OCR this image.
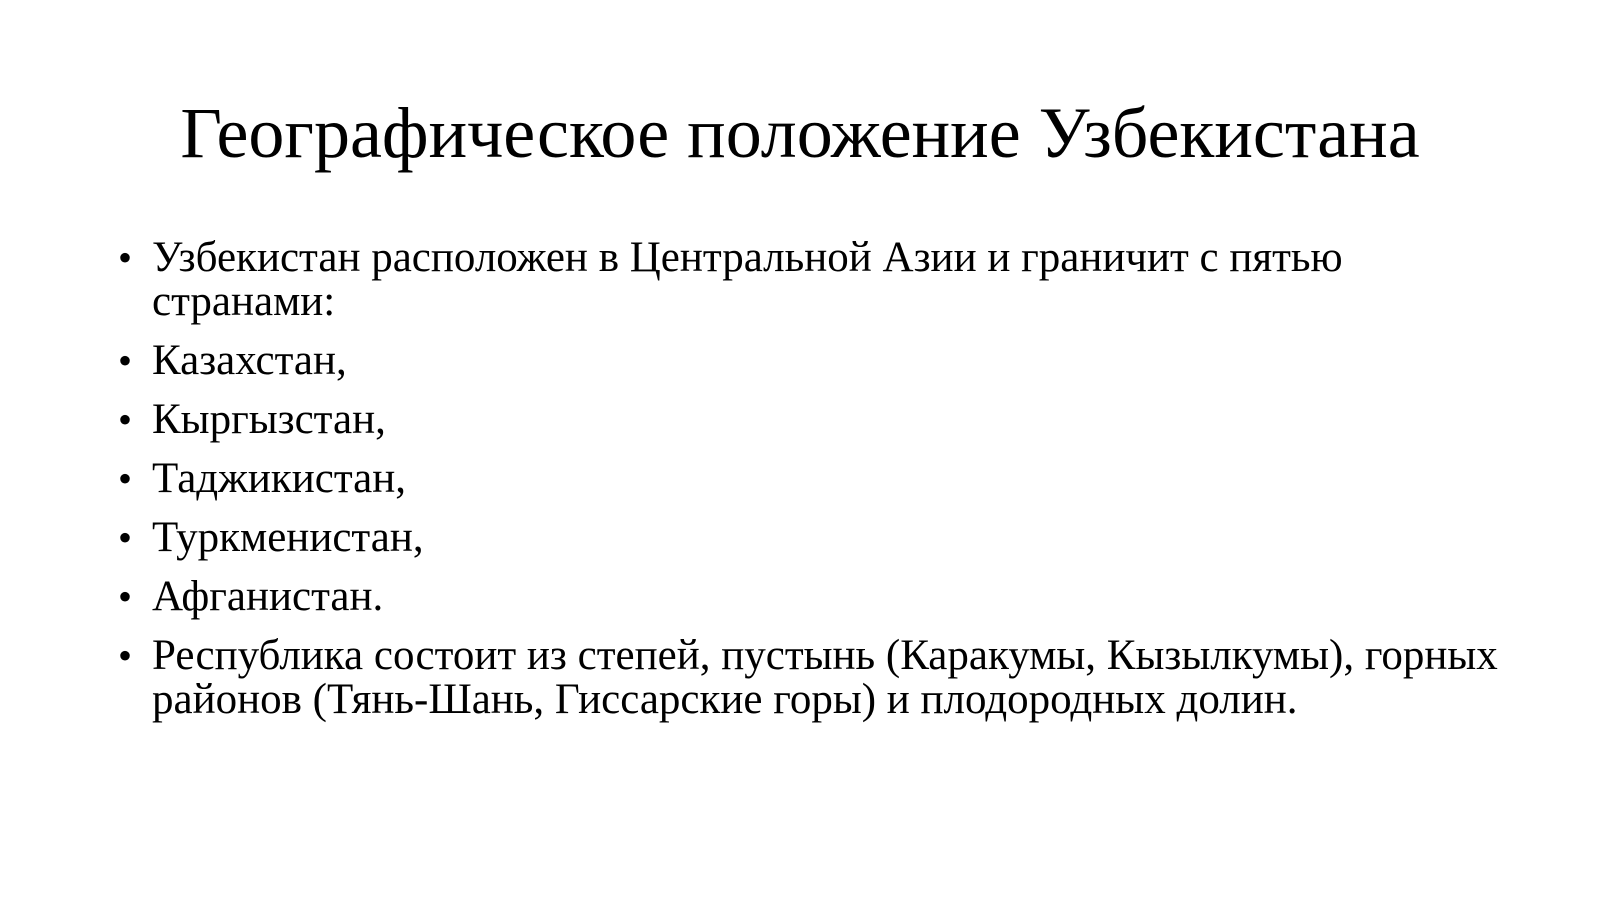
Географическое положение Узбекистана
• Узбекистан расположен в Центральной Азии и граничит с пятью странами:
• Казахстан,
• Кыргызстан,
• Таджикистан,
• Туркменистан,
• Афганистан.
• Республика состоит из степей, пустынь (Каракумы, Кызылкумы), горных районов (Тянь-Шань, Гиссарские горы) и плодородных долин.
